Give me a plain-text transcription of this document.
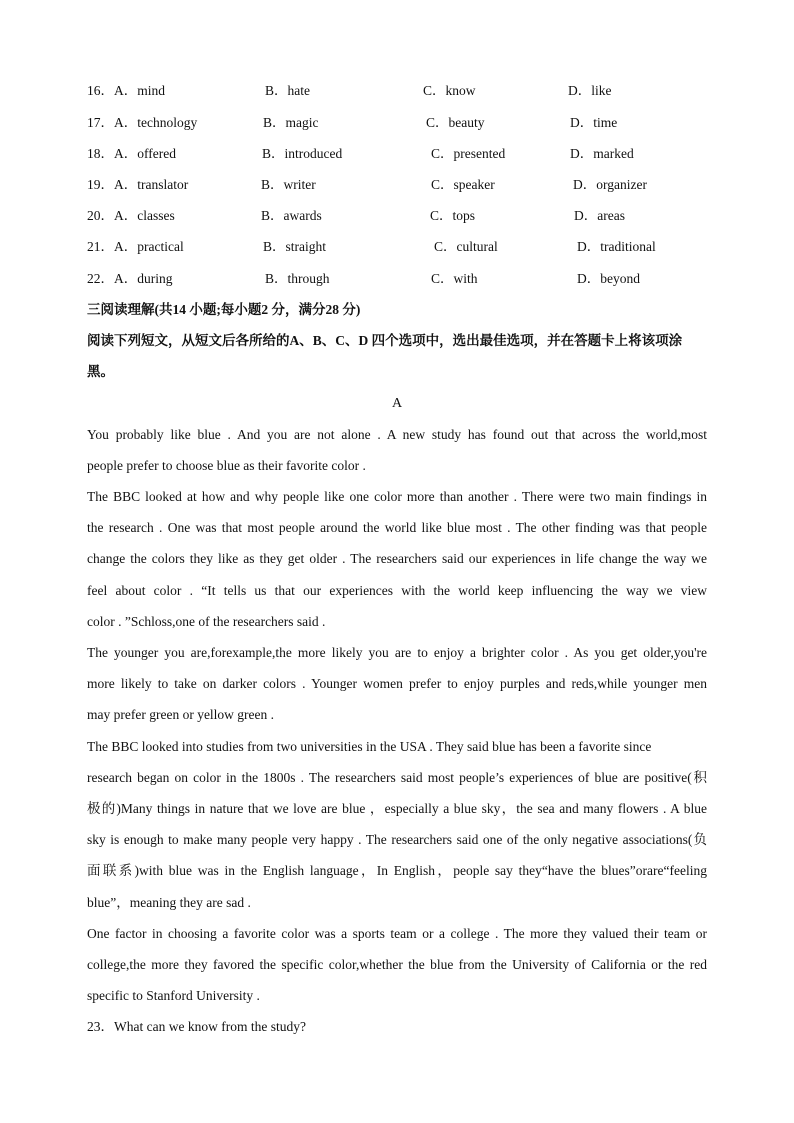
16．A．mind	B．hate	C．know	D．like
17．A．technology	B．magic	C．beauty	D．time
18．A．offered	B．introduced	C．presented	D．marked
19．A．translator	B．writer	C．speaker	D．organizer
20．A．classes	B．awards	C．tops	D．areas
21．A．practical	B．straight	C．cultural	D．traditional
22．A．during	B．through	C．with	D．beyond
三阅读理解(共14 小题;每小题2 分，满分28 分)
阅读下列短文，从短文后各所给的A、B、C、D 四个选项中，选出最佳选项，并在答题卡上将该项涂
黑。
A
You probably like blue . And you are not alone . A new study has found out that across the world,most
people prefer to choose blue as their favorite color .
The BBC looked at how and why people like one color more than another . There were two main findings in
the research . One was that most people around the world like blue most . The other finding was that people
change the colors they like as they get older . The researchers said our experiences in life change the way we
feel about color . “It tells us that our experiences with the world keep influencing the way we view
color . ”Schloss,one of the researchers said .
The younger you are,forexample,the more likely you are to enjoy a brighter color . As you get older,you're
more likely to take on darker colors . Younger women prefer to enjoy purples and reds,while younger men
may prefer green or yellow green .
The BBC looked into studies from two universities in the USA . They said blue has been a favorite since
research began on color in the 1800s . The researchers said most people’s experiences of blue are positive(积
极的)Many things in nature that we love are blue ，especially a blue sky，the sea and many flowers . A blue
sky is enough to make many people very happy . The researchers said one of the only negative associations(负
面联系)with blue was in the English language，In English，people say they“have the blues”orare“feeling
blue”，meaning they are sad .
One factor in choosing a favorite color was a sports team or a college . The more they valued their team or
college,the more they favored the specific color,whether the blue from the University of California or the red
specific to Stanford University .
23．What can we know from the study?
